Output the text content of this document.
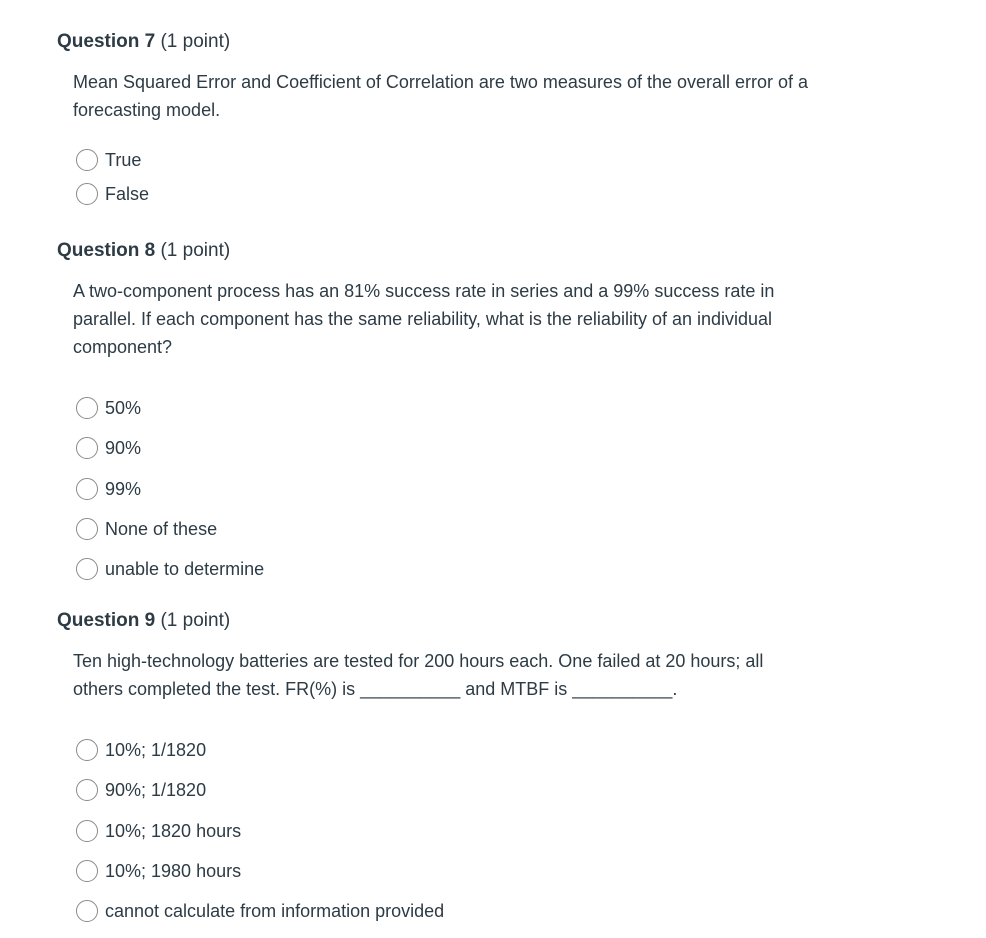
Question 7 (1 point)
Mean Squared Error and Coefficient of Correlation are two measures of the overall error of a forecasting model.
True
False
Question 8 (1 point)
A two-component process has an 81% success rate in series and a 99% success rate in parallel. If each component has the same reliability, what is the reliability of an individual component?
50%
90%
99%
None of these
unable to determine
Question 9 (1 point)
Ten high-technology batteries are tested for 200 hours each. One failed at 20 hours; all others completed the test. FR(%) is __________ and MTBF is __________.
10%; 1/1820
90%; 1/1820
10%; 1820 hours
10%; 1980 hours
cannot calculate from information provided
